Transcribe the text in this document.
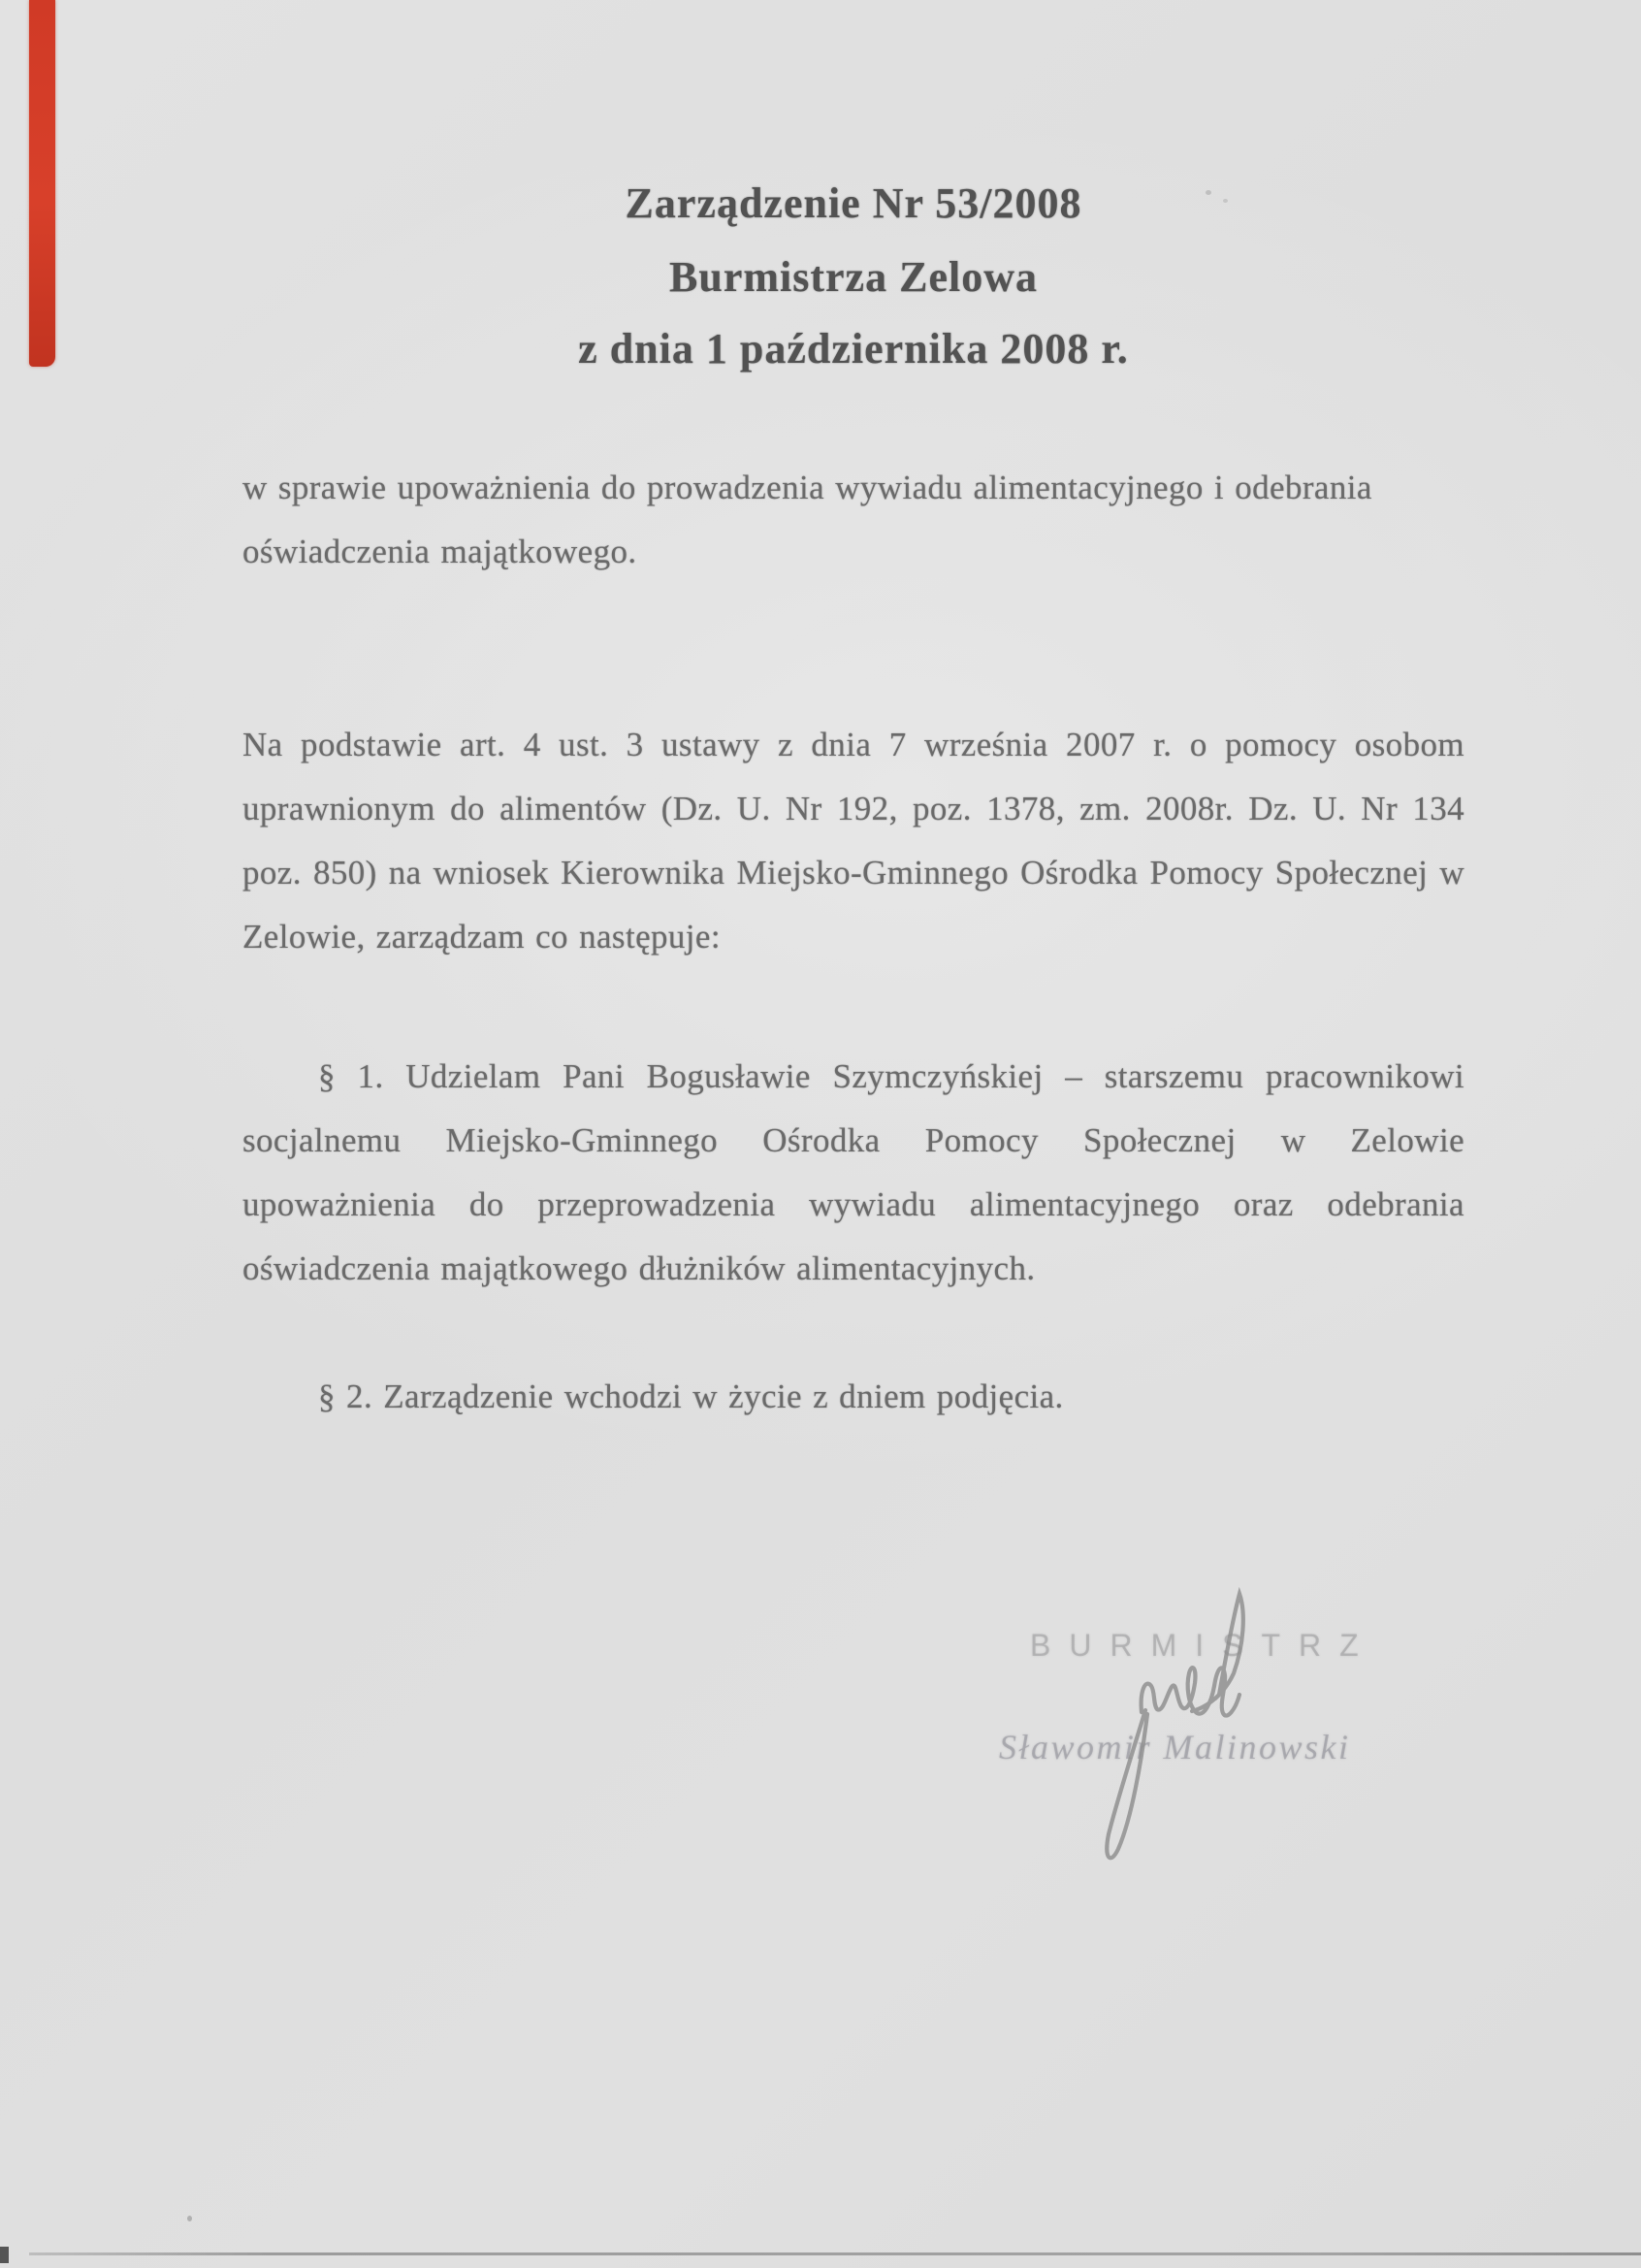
Zarządzenie Nr 53/2008
Burmistrza Zelowa
z dnia 1 października 2008 r.
w sprawie upoważnienia do prowadzenia wywiadu alimentacyjnego i odebrania oświadczenia majątkowego.
Na podstawie art. 4 ust. 3 ustawy z dnia 7 września 2007 r. o pomocy osobom uprawnionym do alimentów (Dz. U. Nr 192, poz. 1378, zm. 2008r. Dz. U. Nr 134 poz. 850) na wniosek Kierownika Miejsko-Gminnego Ośrodka Pomocy Społecznej w Zelowie, zarządzam co następuje:
§ 1. Udzielam Pani Bogusławie Szymczyńskiej – starszemu pracownikowi socjalnemu Miejsko-Gminnego Ośrodka Pomocy Społecznej w Zelowie upoważnienia do przeprowadzenia wywiadu alimentacyjnego oraz odebrania oświadczenia majątkowego dłużników alimentacyjnych.
§ 2. Zarządzenie wchodzi w życie z dniem podjęcia.
BURMISTRZ
Sławomir Malinowski
